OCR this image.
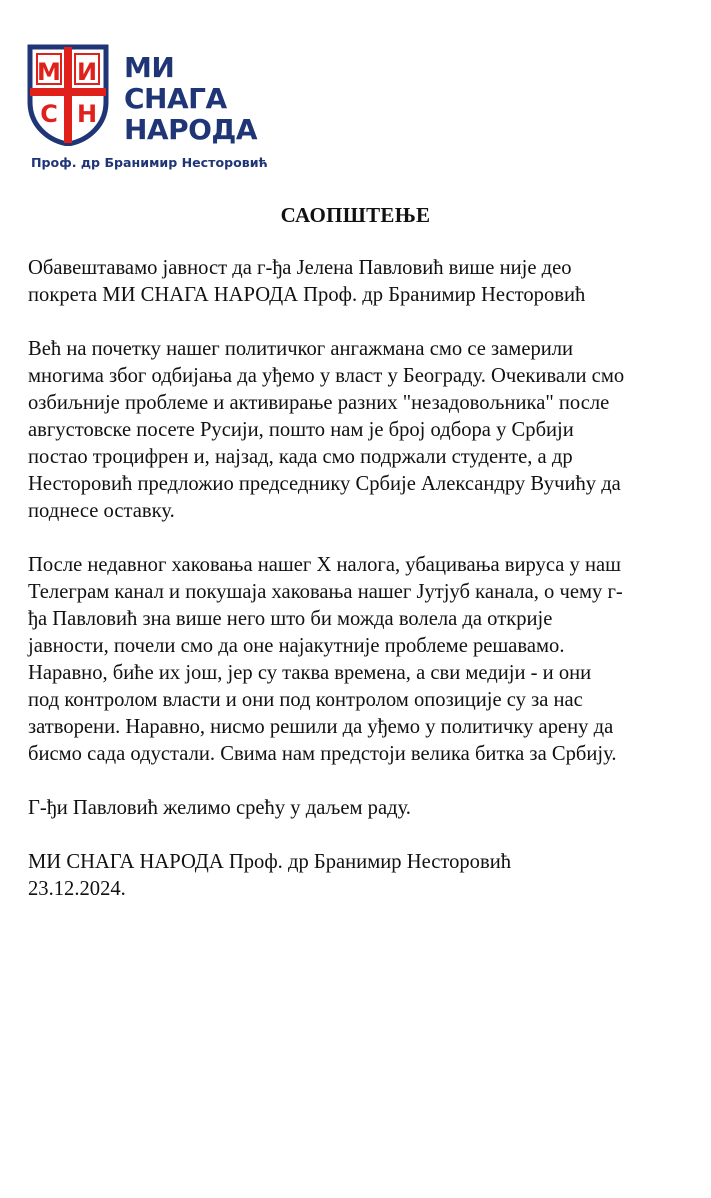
М И
С Н
МИ
СНАГА
НАРОДА
Проф. др Бранимир Несторовић
САОПШТЕЊЕ

Обавештавамо јавност да г-ђа Јелена Павловић више није део
покрета МИ СНАГА НАРОДА Проф. др Бранимир Несторовић

Већ на почетку нашег политичког ангажмана смо се замерили
многима због одбијања да уђемо у власт у Београду. Очекивали смо
озбиљније проблеме и активирање разних "незадовољника" после
августовске посете Русији, пошто нам је број одбора у Србији
постао троцифрен и, најзад, када смо подржали студенте, а др
Несторовић предложио председнику Србије Александру Вучићу да
поднесе оставку.

После недавног хаковања нашег X налога, убацивања вируса у наш
Телеграм канал и покушаја хаковања нашег Јутјуб канала, о чему г-
ђа Павловић зна више него што би можда волела да открије
јавности, почели смо да оне најакутније проблеме решавамо.
Наравно, биће их још, јер су таква времена, а сви медији - и они
под контролом власти и они под контролом опозиције су за нас
затворени. Наравно, нисмо решили да уђемо у политичку арену да
бисмо сада одустали. Свима нам предстоји велика битка за Србију.

Г-ђи Павловић желимо срећу у даљем раду.

МИ СНАГА НАРОДА Проф. др Бранимир Несторовић
23.12.2024.
